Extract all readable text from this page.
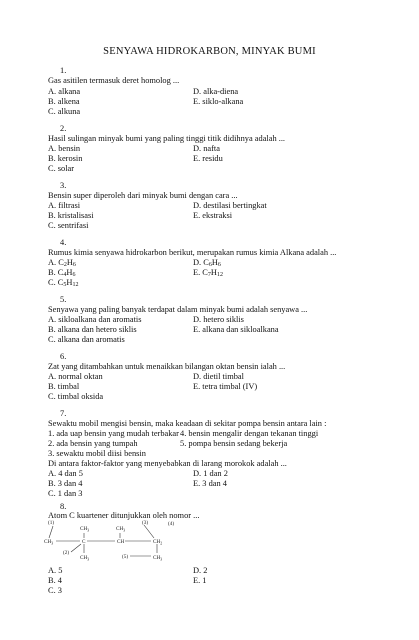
SENYAWA HIDROKARBON, MINYAK BUMI
1.
Gas asitilen termasuk deret homolog ...
A. alkana	D. alka-diena
B. alkena	E. siklo-alkana
C. alkuna
2.
Hasil sulingan minyak bumi yang paling tinggi titik didihnya adalah ...
A. bensin	D. nafta
B. kerosin	E. residu
C. solar
3.
Bensin super diperoleh dari minyak bumi dengan cara ...
A. filtrasi	D. destilasi bertingkat
B. kristalisasi	E. ekstraksi
C. sentrifasi
4.
Rumus kimia senyawa hidrokarbon berikut, merupakan rumus kimia Alkana adalah ...
A. $C_2H_6$	D. $C_6H_6$
B. $C_4H_6$	E. $C_7H_{12}$
C. $C_5H_{12}$
5.
Senyawa yang paling banyak terdapat dalam minyak bumi adalah senyawa ...
A. sikloalkana dan aromatis	D. hetero siklis
B. alkana dan hetero siklis	E. alkana dan sikloalkana
C. alkana dan aromatis
6.
Zat yang ditambahkan untuk menaikkan bilangan oktan bensin ialah ...
A. normal oktan	D. dietil timbal
B. timbal	E. tetra timbal (IV)
C. timbal oksida
7.
Sewaktu mobil mengisi bensin, maka keadaan di sekitar pompa bensin antara lain :
1. ada uap bensin yang mudah terbakar 4. bensin mengalir dengan tekanan tinggi
2. ada bensin yang tumpah	5. pompa bensin sedang bekerja
3. sewaktu mobil diisi bensin
Di antara faktor-faktor yang menyebabkan di larang morokok adalah ...
A. 4 dan 5	D. 1 dan 2
B. 3 dan 4	E. 3 dan 4
C. 1 dan 3
8.
Atom C kuartener ditunjukkan oleh nomor ...
(1)	(3)	(4)
(2)
(5)
$CH_3$	$CH_3$
$CH_3$	C	CH	$CH_2$
$CH_3$	$CH_3$
A. 5	D. 2
B. 4	E. 1
C. 3
